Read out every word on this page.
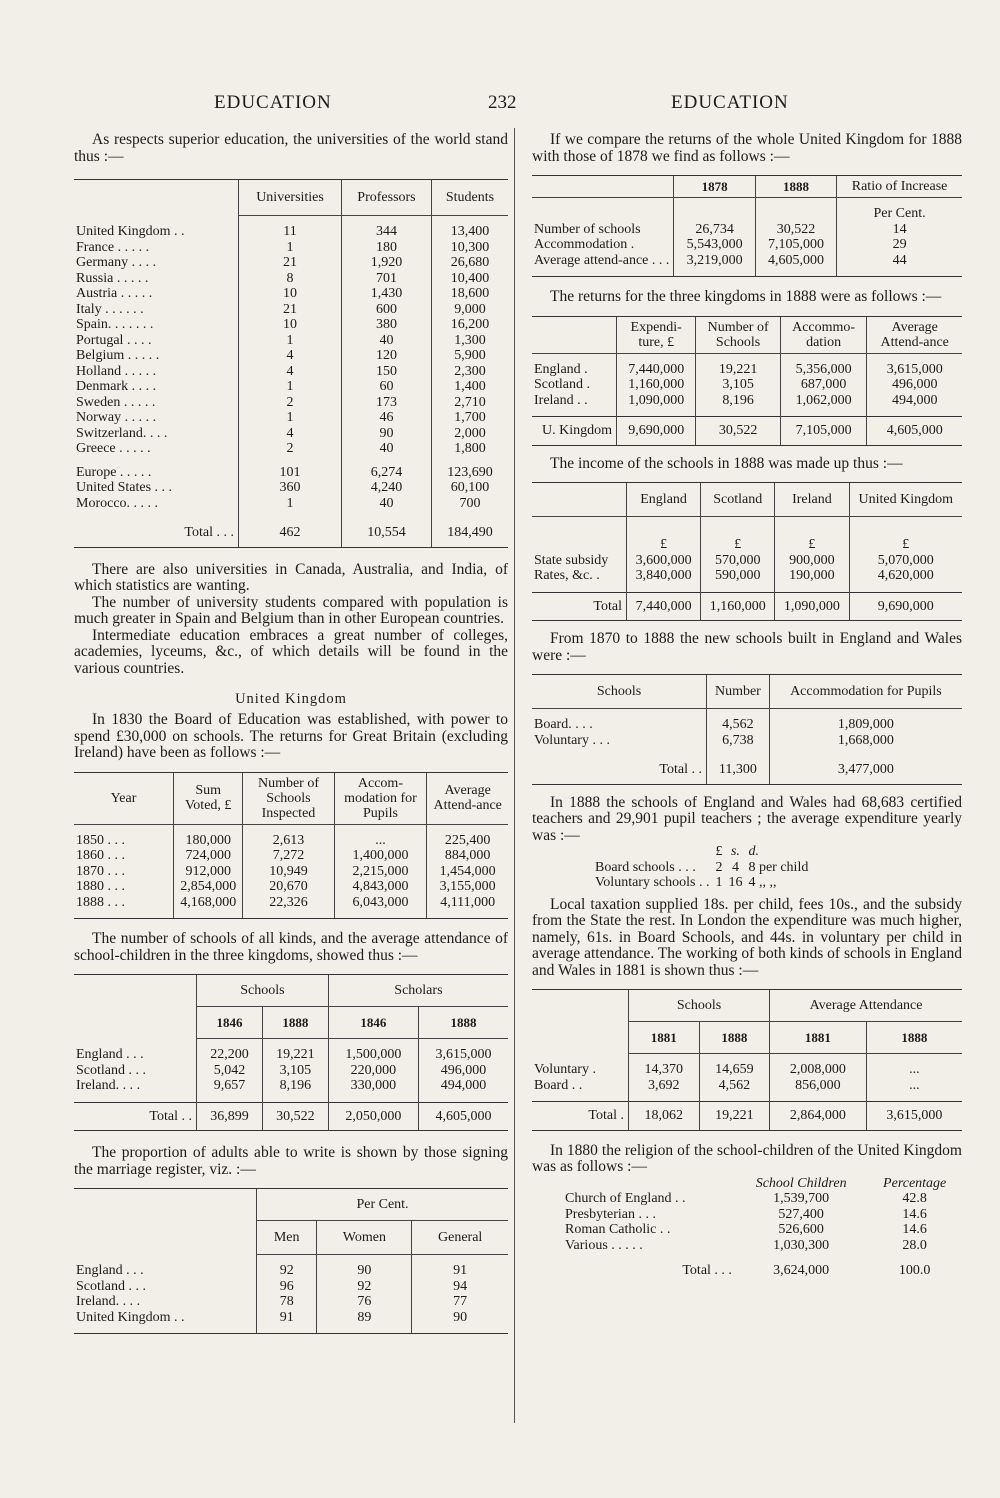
EDUCATION	232	EDUCATION

As respects superior education, the universities of the world stand thus :—

	Universities	Professors	Students

United Kingdom . .	11	344	13,400
France . . . . .	1	180	10,300
Germany . . . .	21	1,920	26,680
Russia . . . . .	8	701	10,400
Austria . . . . .	10	1,430	18,600
Italy . . . . . .	21	600	9,000
Spain. . . . . . .	10	380	16,200
Portugal . . . .	1	40	1,300
Belgium . . . . .	4	120	5,900
Holland . . . . .	4	150	2,300
Denmark . . . .	1	60	1,400
Sweden . . . . .	2	173	2,710
Norway . . . . .	1	46	1,700
Switzerland. . . .	4	90	2,000
Greece . . . . .	2	40	1,800

Europe . . . . .	101	6,274	123,690
United States . . .	360	4,240	60,100
Morocco. . . . .	1	40	700

Total . . .	462	10,554	184,490

There are also universities in Canada, Australia, and India, of which statistics are wanting.

The number of university students compared with population is much greater in Spain and Belgium than in other European countries.

Intermediate education embraces a great number of colleges, academies, lyceums, &c., of which details will be found in the various countries.

United Kingdom

In 1830 the Board of Education was established, with power to spend £30,000 on schools. The returns for Great Britain (excluding Ireland) have been as follows :—

Year	Sum Voted, £	Number of Schools Inspected	Accom-modation for Pupils	Average Attend-ance

1850 . . .	180,000	2,613	...	225,400
1860 . . .	724,000	7,272	1,400,000	884,000
1870 . . .	912,000	10,949	2,215,000	1,454,000
1880 . . .	2,854,000	20,670	4,843,000	3,155,000
1888 . . .	4,168,000	22,326	6,043,000	4,111,000

The number of schools of all kinds, and the average attendance of school-children in the three kingdoms, showed thus :—

	Schools		Scholars	
	1846	1888	1846	1888

England . . .	22,200	19,221	1,500,000	3,615,000
Scotland . . .	5,042	3,105	220,000	496,000
Ireland. . . .	9,657	8,196	330,000	494,000

Total . .	36,899	30,522	2,050,000	4,605,000

The proportion of adults able to write is shown by those signing the marriage register, viz. :—

	Per Cent.		
	Men	Women	General

England . . .	92	90	91
Scotland . . .	96	92	94
Ireland. . . .	78	76	77
United Kingdom . .	91	89	90

If we compare the returns of the whole United Kingdom for 1888 with those of 1878 we find as follows :—

	1878	1888	Ratio of Increase
			Per Cent.
Number of schools	26,734	30,522	14
Accommodation .	5,543,000	7,105,000	29
Average attend-ance . . .	3,219,000	4,605,000	44

The returns for the three kingdoms in 1888 were as follows :—

	Expendi-ture, £	Number of Schools	Accommo-dation	Average Attend-ance

England .	7,440,000	19,221	5,356,000	3,615,000
Scotland .	1,160,000	3,105	687,000	496,000
Ireland . .	1,090,000	8,196	1,062,000	494,000

U. Kingdom	9,690,000	30,522	7,105,000	4,605,000

The income of the schools in 1888 was made up thus :—

	England	Scotland	Ireland	United Kingdom
	£	£	£	£
State subsidy	3,600,000	570,000	900,000	5,070,000
Rates, &c. .	3,840,000	590,000	190,000	4,620,000

Total	7,440,000	1,160,000	1,090,000	9,690,000

From 1870 to 1888 the new schools built in England and Wales were :—

Schools	Number	Accommodation for Pupils

Board. . . .	4,562	1,809,000
Voluntary . . .	6,738	1,668,000

Total . .	11,300	3,477,000

In 1888 the schools of England and Wales had 68,683 certified teachers and 29,901 pupil teachers ; the average expenditure yearly was :—

	£	s.	d.
Board schools . . .	2	4	8 per child
Voluntary schools . .	1	16	4 ,, ,,

Local taxation supplied 18s. per child, fees 10s., and the subsidy from the State the rest. In London the expenditure was much higher, namely, 61s. in Board Schools, and 44s. in voluntary per child in average attendance. The working of both kinds of schools in England and Wales in 1881 is shown thus :—

	Schools		Average Attendance	
	1881	1888	1881	1888

Voluntary .	14,370	14,659	2,008,000	...
Board . .	3,692	4,562	856,000	...

Total .	18,062	19,221	2,864,000	3,615,000

In 1880 the religion of the school-children of the United Kingdom was as follows :—

	School Children	Percentage
Church of England . .	1,539,700	42.8
Presbyterian . . .	527,400	14.6
Roman Catholic . .	526,600	14.6
Various . . . . .	1,030,300	28.0
Total . . .	3,624,000	100.0
